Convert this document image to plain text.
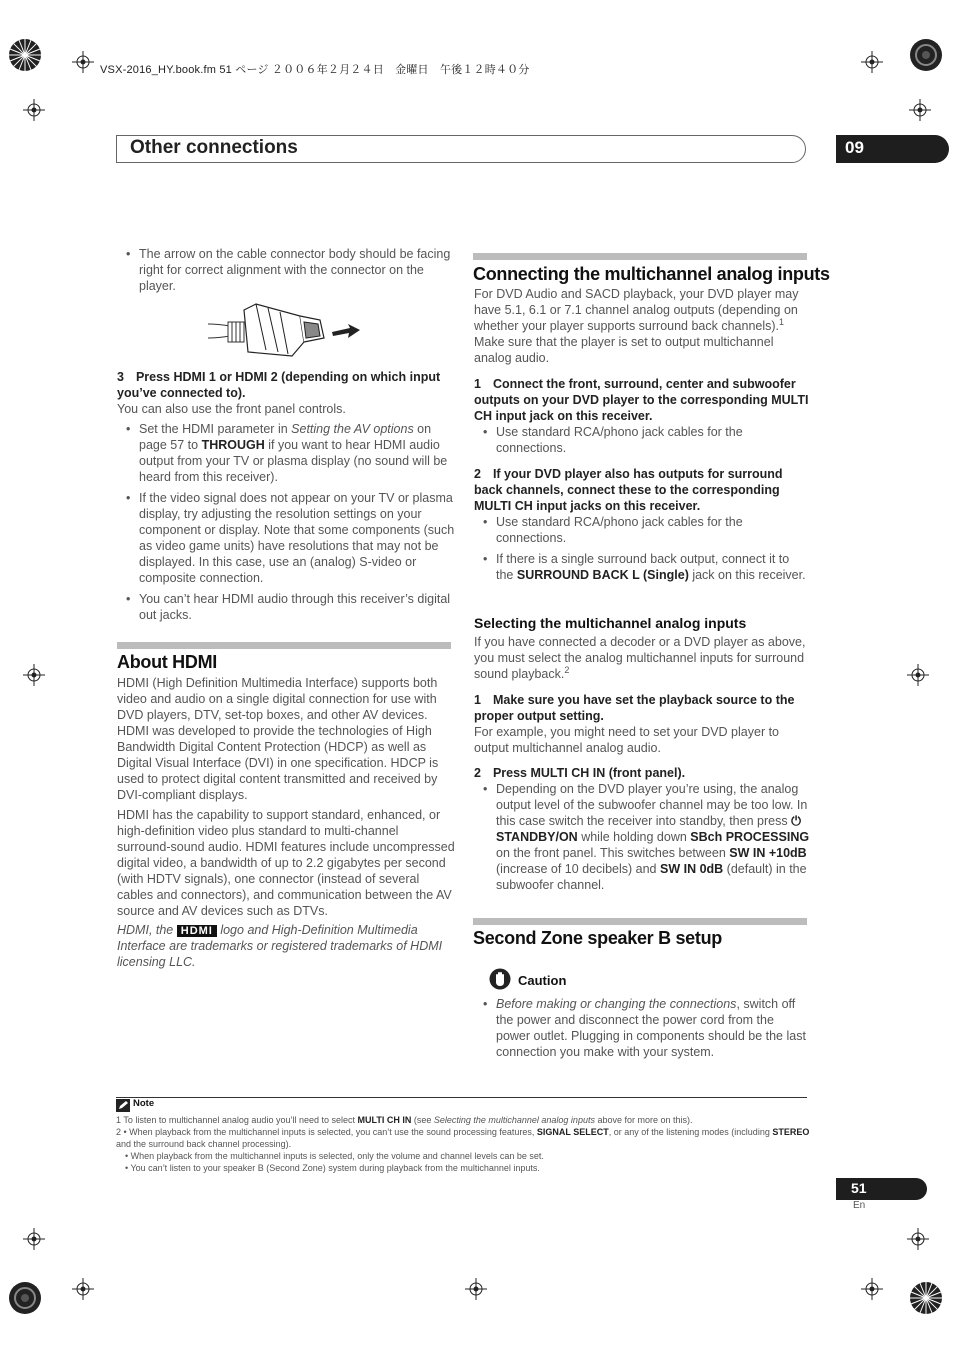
VSX-2016_HY.book.fm 51 ページ ２００６年２月２４日　金曜日　午後１２時４０分
Other connections	09

• The arrow on the cable connector body should be facing right for correct alignment with the connector on the player.

3 Press HDMI 1 or HDMI 2 (depending on which input you’ve connected to).

You can also use the front panel controls.

• Set the HDMI parameter in Setting the AV options on page 57 to THROUGH if you want to hear HDMI audio output from your TV or plasma display (no sound will be heard from this receiver).

• If the video signal does not appear on your TV or plasma display, try adjusting the resolution settings on your component or display. Note that some components (such as video game units) have resolutions that may not be displayed. In this case, use an (analog) S-video or composite connection.

• You can’t hear HDMI audio through this receiver’s digital out jacks.

About HDMI

HDMI (High Definition Multimedia Interface) supports both video and audio on a single digital connection for use with DVD players, DTV, set-top boxes, and other AV devices. HDMI was developed to provide the technologies of High Bandwidth Digital Content Protection (HDCP) as well as Digital Visual Interface (DVI) in one specification. HDCP is used to protect digital content transmitted and received by DVI-compliant displays.

HDMI has the capability to support standard, enhanced, or high-definition video plus standard to multi-channel surround-sound audio. HDMI features include uncompressed digital video, a bandwidth of up to 2.2 gigabytes per second (with HDTV signals), one connector (instead of several cables and connectors), and communication between the AV source and AV devices such as DTVs.

HDMI, the HDMI logo and High-Definition Multimedia Interface are trademarks or registered trademarks of HDMI licensing LLC.

Connecting the multichannel analog inputs

For DVD Audio and SACD playback, your DVD player may have 5.1, 6.1 or 7.1 channel analog outputs (depending on whether your player supports surround back channels).$^1$ Make sure that the player is set to output multichannel analog audio.

1 Connect the front, surround, center and subwoofer outputs on your DVD player to the corresponding MULTI CH input jack on this receiver.

• Use standard RCA/phono jack cables for the connections.

2 If your DVD player also has outputs for surround back channels, connect these to the corresponding MULTI CH input jacks on this receiver.

• Use standard RCA/phono jack cables for the connections.

• If there is a single surround back output, connect it to the SURROUND BACK L (Single) jack on this receiver.

Selecting the multichannel analog inputs

If you have connected a decoder or a DVD player as above, you must select the analog multichannel inputs for surround sound playback.$^2$

1 Make sure you have set the playback source to the proper output setting.

For example, you might need to set your DVD player to output multichannel analog audio.

2 Press MULTI CH IN (front panel).

• Depending on the DVD player you’re using, the analog output level of the subwoofer channel may be too low. In this case switch the receiver into standby, then press ⏻ STANDBY/ON while holding down SBch PROCESSING on the front panel. This switches between SW IN +10dB (increase of 10 decibels) and SW IN 0dB (default) in the subwoofer channel.

Second Zone speaker B setup
Caution

• Before making or changing the connections, switch off the power and disconnect the power cord from the power outlet. Plugging in components should be the last connection you make with your system.

Note

1 To listen to multichannel analog audio you’ll need to select MULTI CH IN (see Selecting the multichannel analog inputs above for more on this).

2 • When playback from the multichannel inputs is selected, you can’t use the sound processing features, SIGNAL SELECT, or any of the listening modes (including STEREO and the surround back channel processing).

• When playback from the multichannel inputs is selected, only the volume and channel levels can be set.

• You can’t listen to your speaker B (Second Zone) system during playback from the multichannel inputs.

51
En
